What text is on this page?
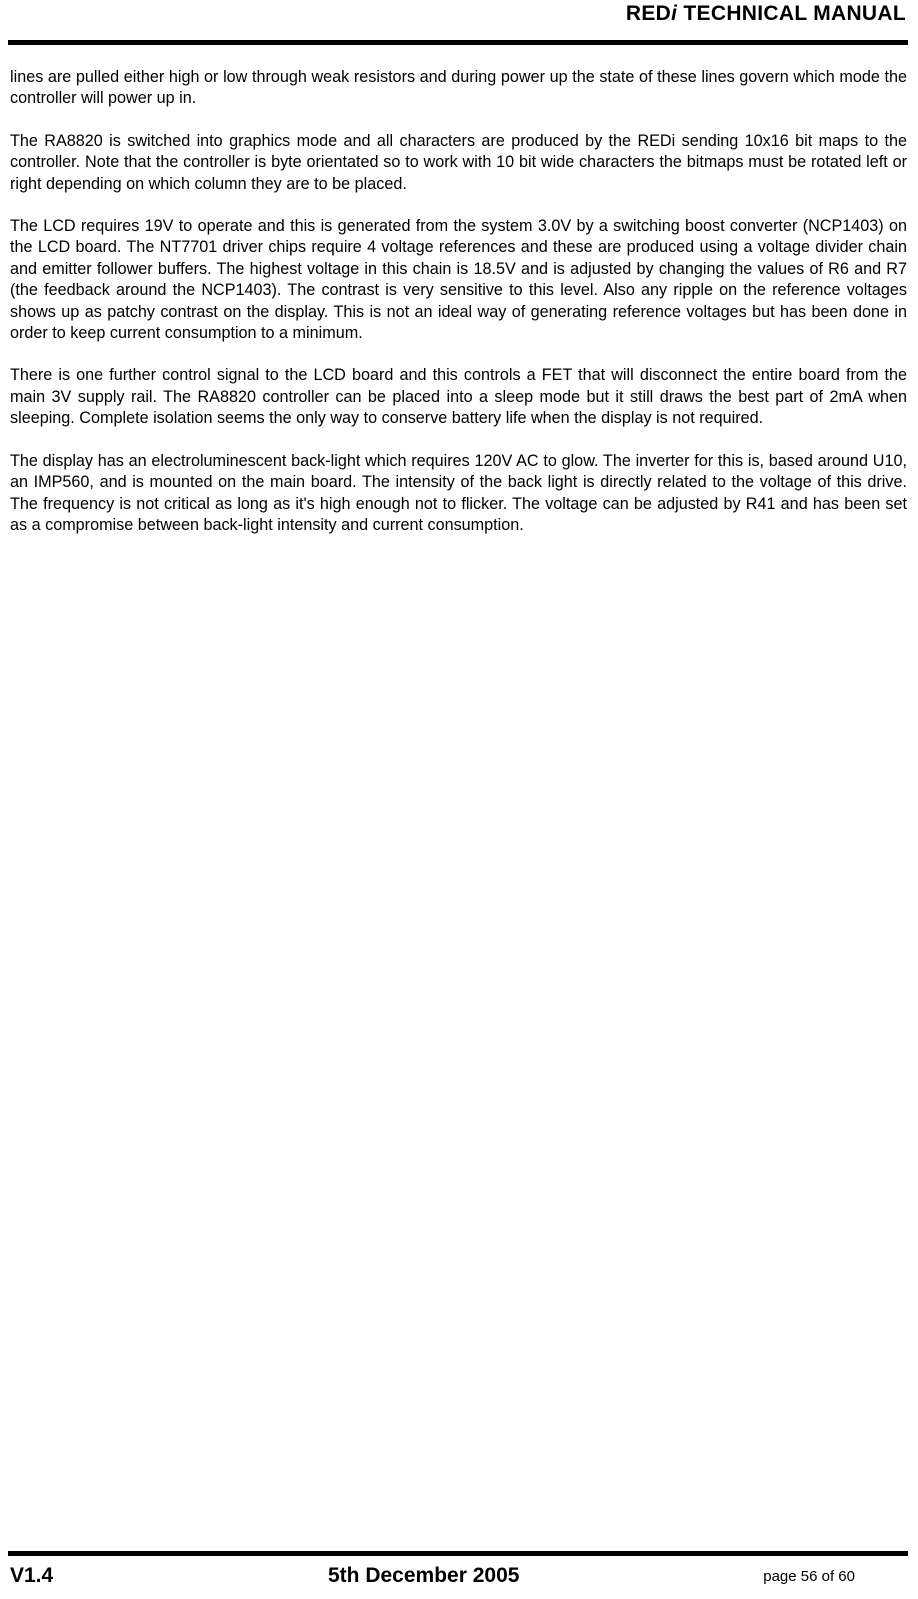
REDi TECHNICAL MANUAL

lines are pulled either high or low through weak resistors and during power up the state of these lines govern which mode the controller will power up in.

The RA8820 is switched into graphics mode and all characters are produced by the REDi sending 10x16 bit maps to the controller. Note that the controller is byte orientated so to work with 10 bit wide characters the bitmaps must be rotated left or right depending on which column they are to be placed.

The LCD requires 19V to operate and this is generated from the system 3.0V by a switching boost converter (NCP1403) on the LCD board. The NT7701 driver chips require 4 voltage references and these are produced using a voltage divider chain and emitter follower buffers. The highest voltage in this chain is 18.5V and is adjusted by changing the values of R6 and R7 (the feedback around the NCP1403). The contrast is very sensitive to this level. Also any ripple on the reference voltages shows up as patchy contrast on the display. This is not an ideal way of generating reference voltages but has been done in order to keep current consumption to a minimum.

There is one further control signal to the LCD board and this controls a FET that will disconnect the entire board from the main 3V supply rail. The RA8820 controller can be placed into a sleep mode but it still draws the best part of 2mA when sleeping. Complete isolation seems the only way to conserve battery life when the display is not required.

The display has an electroluminescent back-light which requires 120V AC to glow. The inverter for this is, based around U10, an IMP560, and is mounted on the main board. The intensity of the back light is directly related to the voltage of this drive. The frequency is not critical as long as it's high enough not to flicker. The voltage can be adjusted by R41 and has been set as a compromise between back-light intensity and current consumption.

V1.4	5th December 2005	page 56 of 60
